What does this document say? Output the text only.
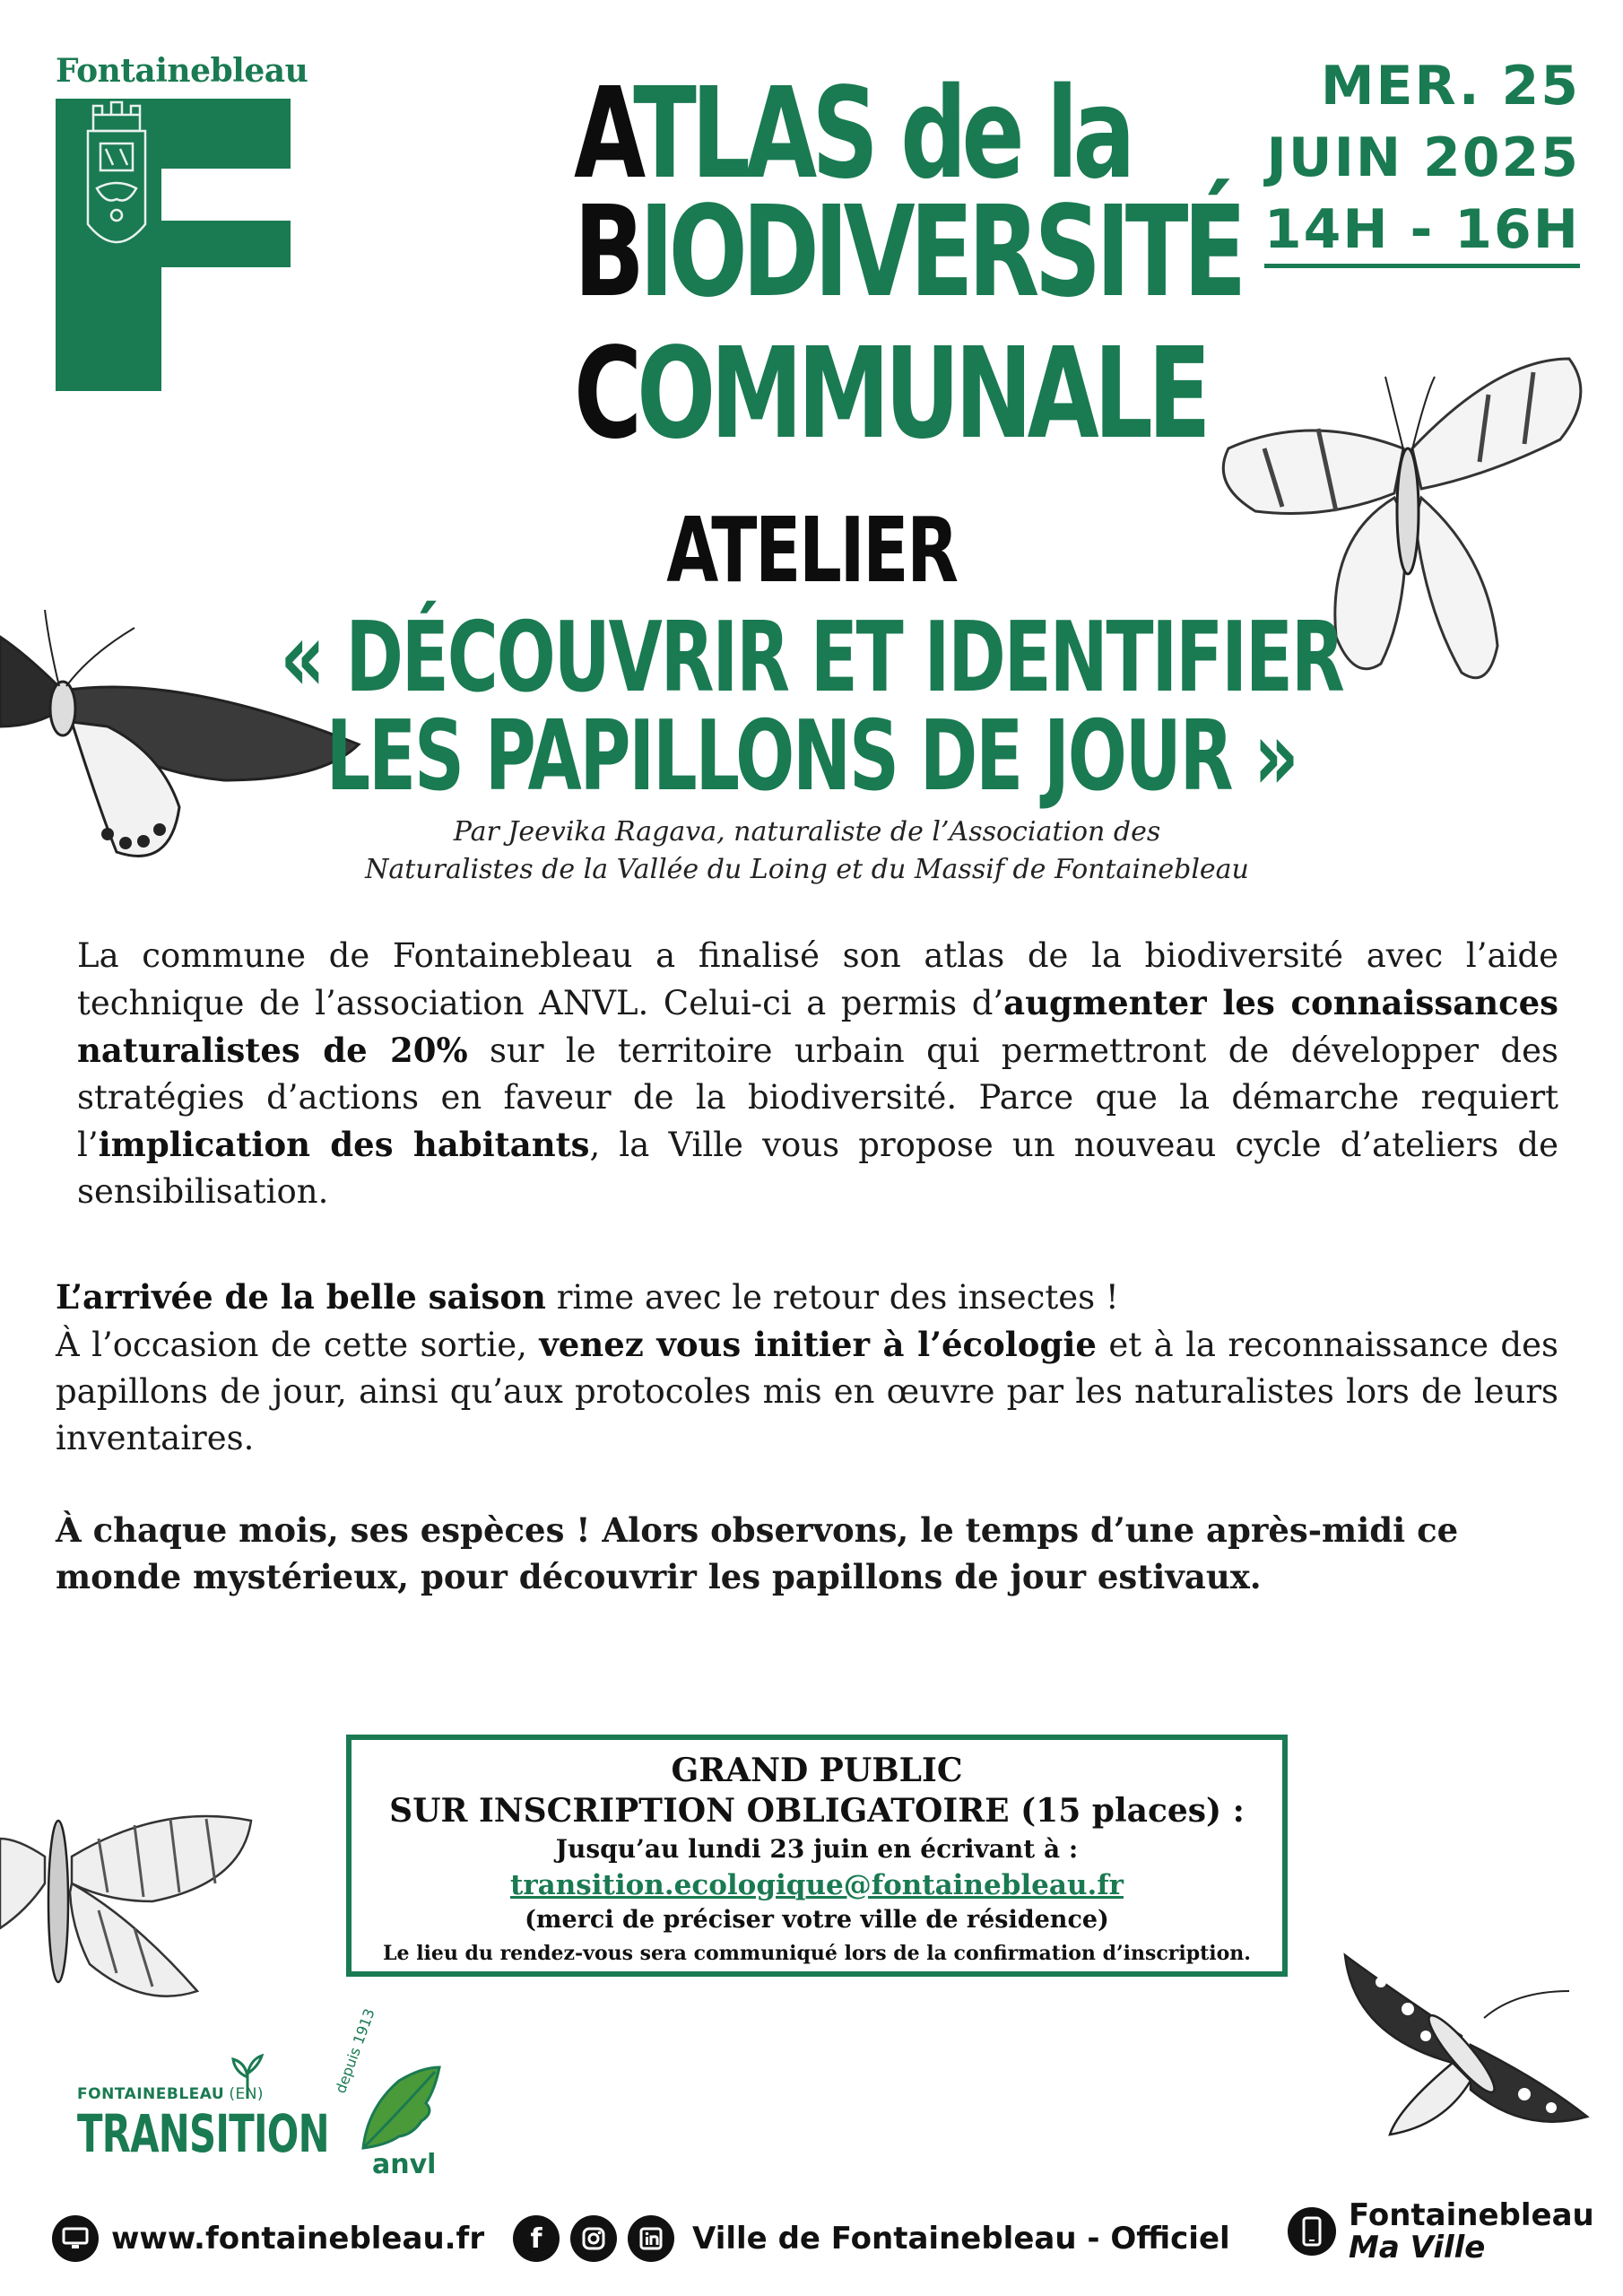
Fontainebleau ATLAS de la
BIODIVERSITÉ
COMMUNALE
MER. 25
JUIN 2025
14H - 16H
ATELIER
« DÉCOUVRIR ET IDENTIFIER
LES PAPILLONS DE JOUR »
Par Jeevika Ragava, naturaliste de l’Association des
Naturalistes de la Vallée du Loing et du Massif de Fontainebleau
La commune de Fontainebleau a finalisé son atlas de la biodiversité avec l’aide technique de l’association ANVL. Celui-ci a permis d’augmenter les connaissances naturalistes de 20% sur le territoire urbain qui permettront de développer des stratégies d’actions en faveur de la biodiversité. Parce que la démarche requiert l’implication des habitants, la Ville vous propose un nouveau cycle d’ateliers de sensibilisation.
L’arrivée de la belle saison rime avec le retour des insectes !
À l’occasion de cette sortie, venez vous initier à l’écologie et à la reconnaissance des papillons de jour, ainsi qu’aux protocoles mis en œuvre par les naturalistes lors de leurs inventaires.
À chaque mois, ses espèces ! Alors observons, le temps d’une après-midi ce monde mystérieux, pour découvrir les papillons de jour estivaux.
GRAND PUBLIC
SUR INSCRIPTION OBLIGATOIRE (15 places) :
Jusqu’au lundi 23 juin en écrivant à :
transition.ecologique@fontainebleau.fr
(merci de préciser votre ville de résidence)
Le lieu du rendez-vous sera communiqué lors de la confirmation d’inscription.
FONTAINEBLEAU (EN)
TRANSITION
depuis 1913
anvl
www.fontainebleau.fr	f	Ville de Fontainebleau - Officiel
Fontainebleau
Ma Ville
